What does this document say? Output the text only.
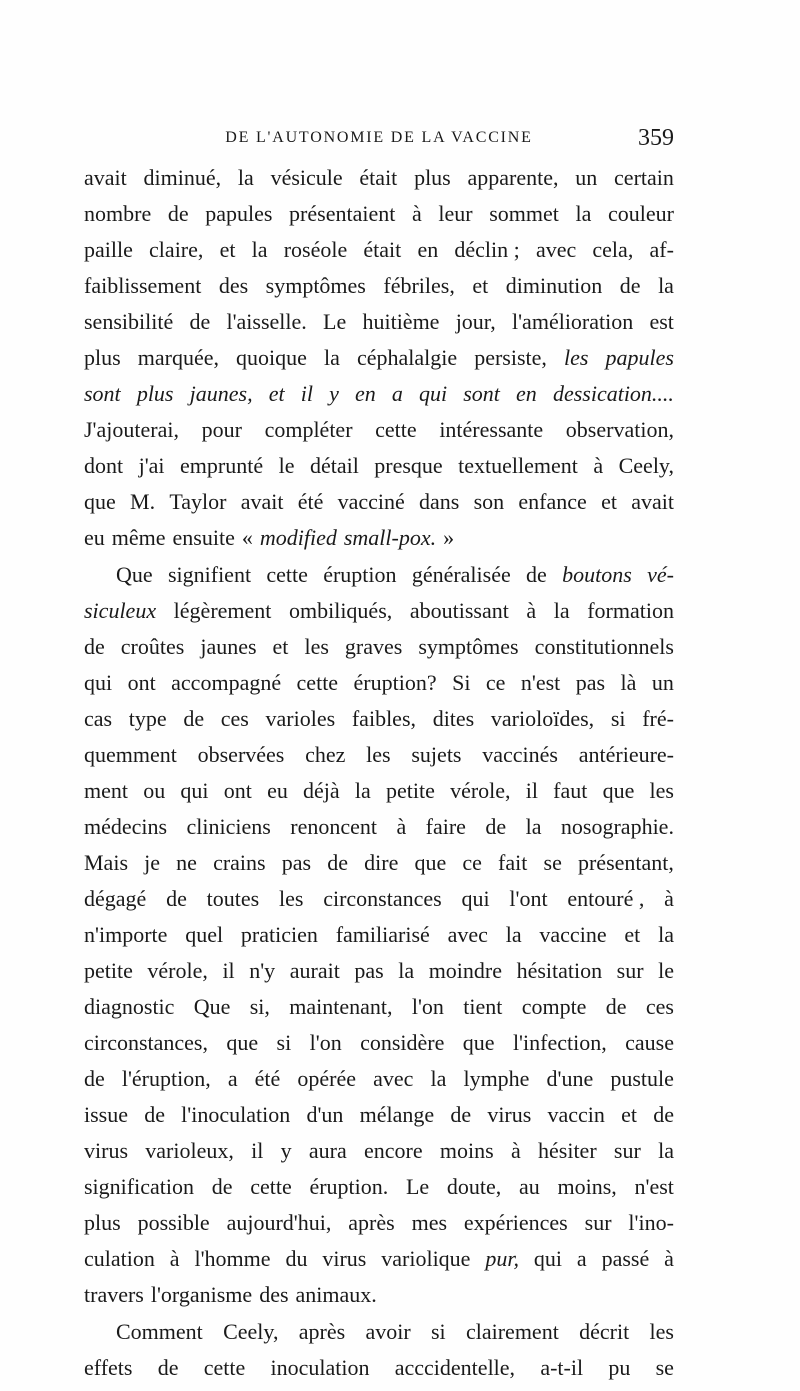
DE L'AUTONOMIE DE LA VACCINE	359
avait diminué, la vésicule était plus apparente, un certain
nombre de papules présentaient à leur sommet la couleur
paille claire, et la roséole était en déclin ; avec cela, af-
faiblissement des symptômes fébriles, et diminution de la
sensibilité de l'aisselle. Le huitième jour, l'amélioration est
plus marquée, quoique la céphalalgie persiste, les papules
sont plus jaunes, et il y en a qui sont en dessication....
J'ajouterai, pour compléter cette intéressante observation,
dont j'ai emprunté le détail presque textuellement à Ceely,
que M. Taylor avait été vacciné dans son enfance et avait
eu même ensuite « modified small-pox. »
Que signifient cette éruption généralisée de boutons vé-
siculeux légèrement ombiliqués, aboutissant à la formation
de croûtes jaunes et les graves symptômes constitutionnels
qui ont accompagné cette éruption? Si ce n'est pas là un
cas type de ces varioles faibles, dites varioloïdes, si fré-
quemment observées chez les sujets vaccinés antérieure-
ment ou qui ont eu déjà la petite vérole, il faut que les
médecins cliniciens renoncent à faire de la nosographie.
Mais je ne crains pas de dire que ce fait se présentant,
dégagé de toutes les circonstances qui l'ont entouré , à
n'importe quel praticien familiarisé avec la vaccine et la
petite vérole, il n'y aurait pas la moindre hésitation sur le
diagnostic Que si, maintenant, l'on tient compte de ces
circonstances, que si l'on considère que l'infection, cause
de l'éruption, a été opérée avec la lymphe d'une pustule
issue de l'inoculation d'un mélange de virus vaccin et de
virus varioleux, il y aura encore moins à hésiter sur la
signification de cette éruption. Le doute, au moins, n'est
plus possible aujourd'hui, après mes expériences sur l'ino-
culation à l'homme du virus variolique pur, qui a passé à
travers l'organisme des animaux.
Comment Ceely, après avoir si clairement décrit les
effets de cette inoculation acccidentelle, a-t-il pu se
